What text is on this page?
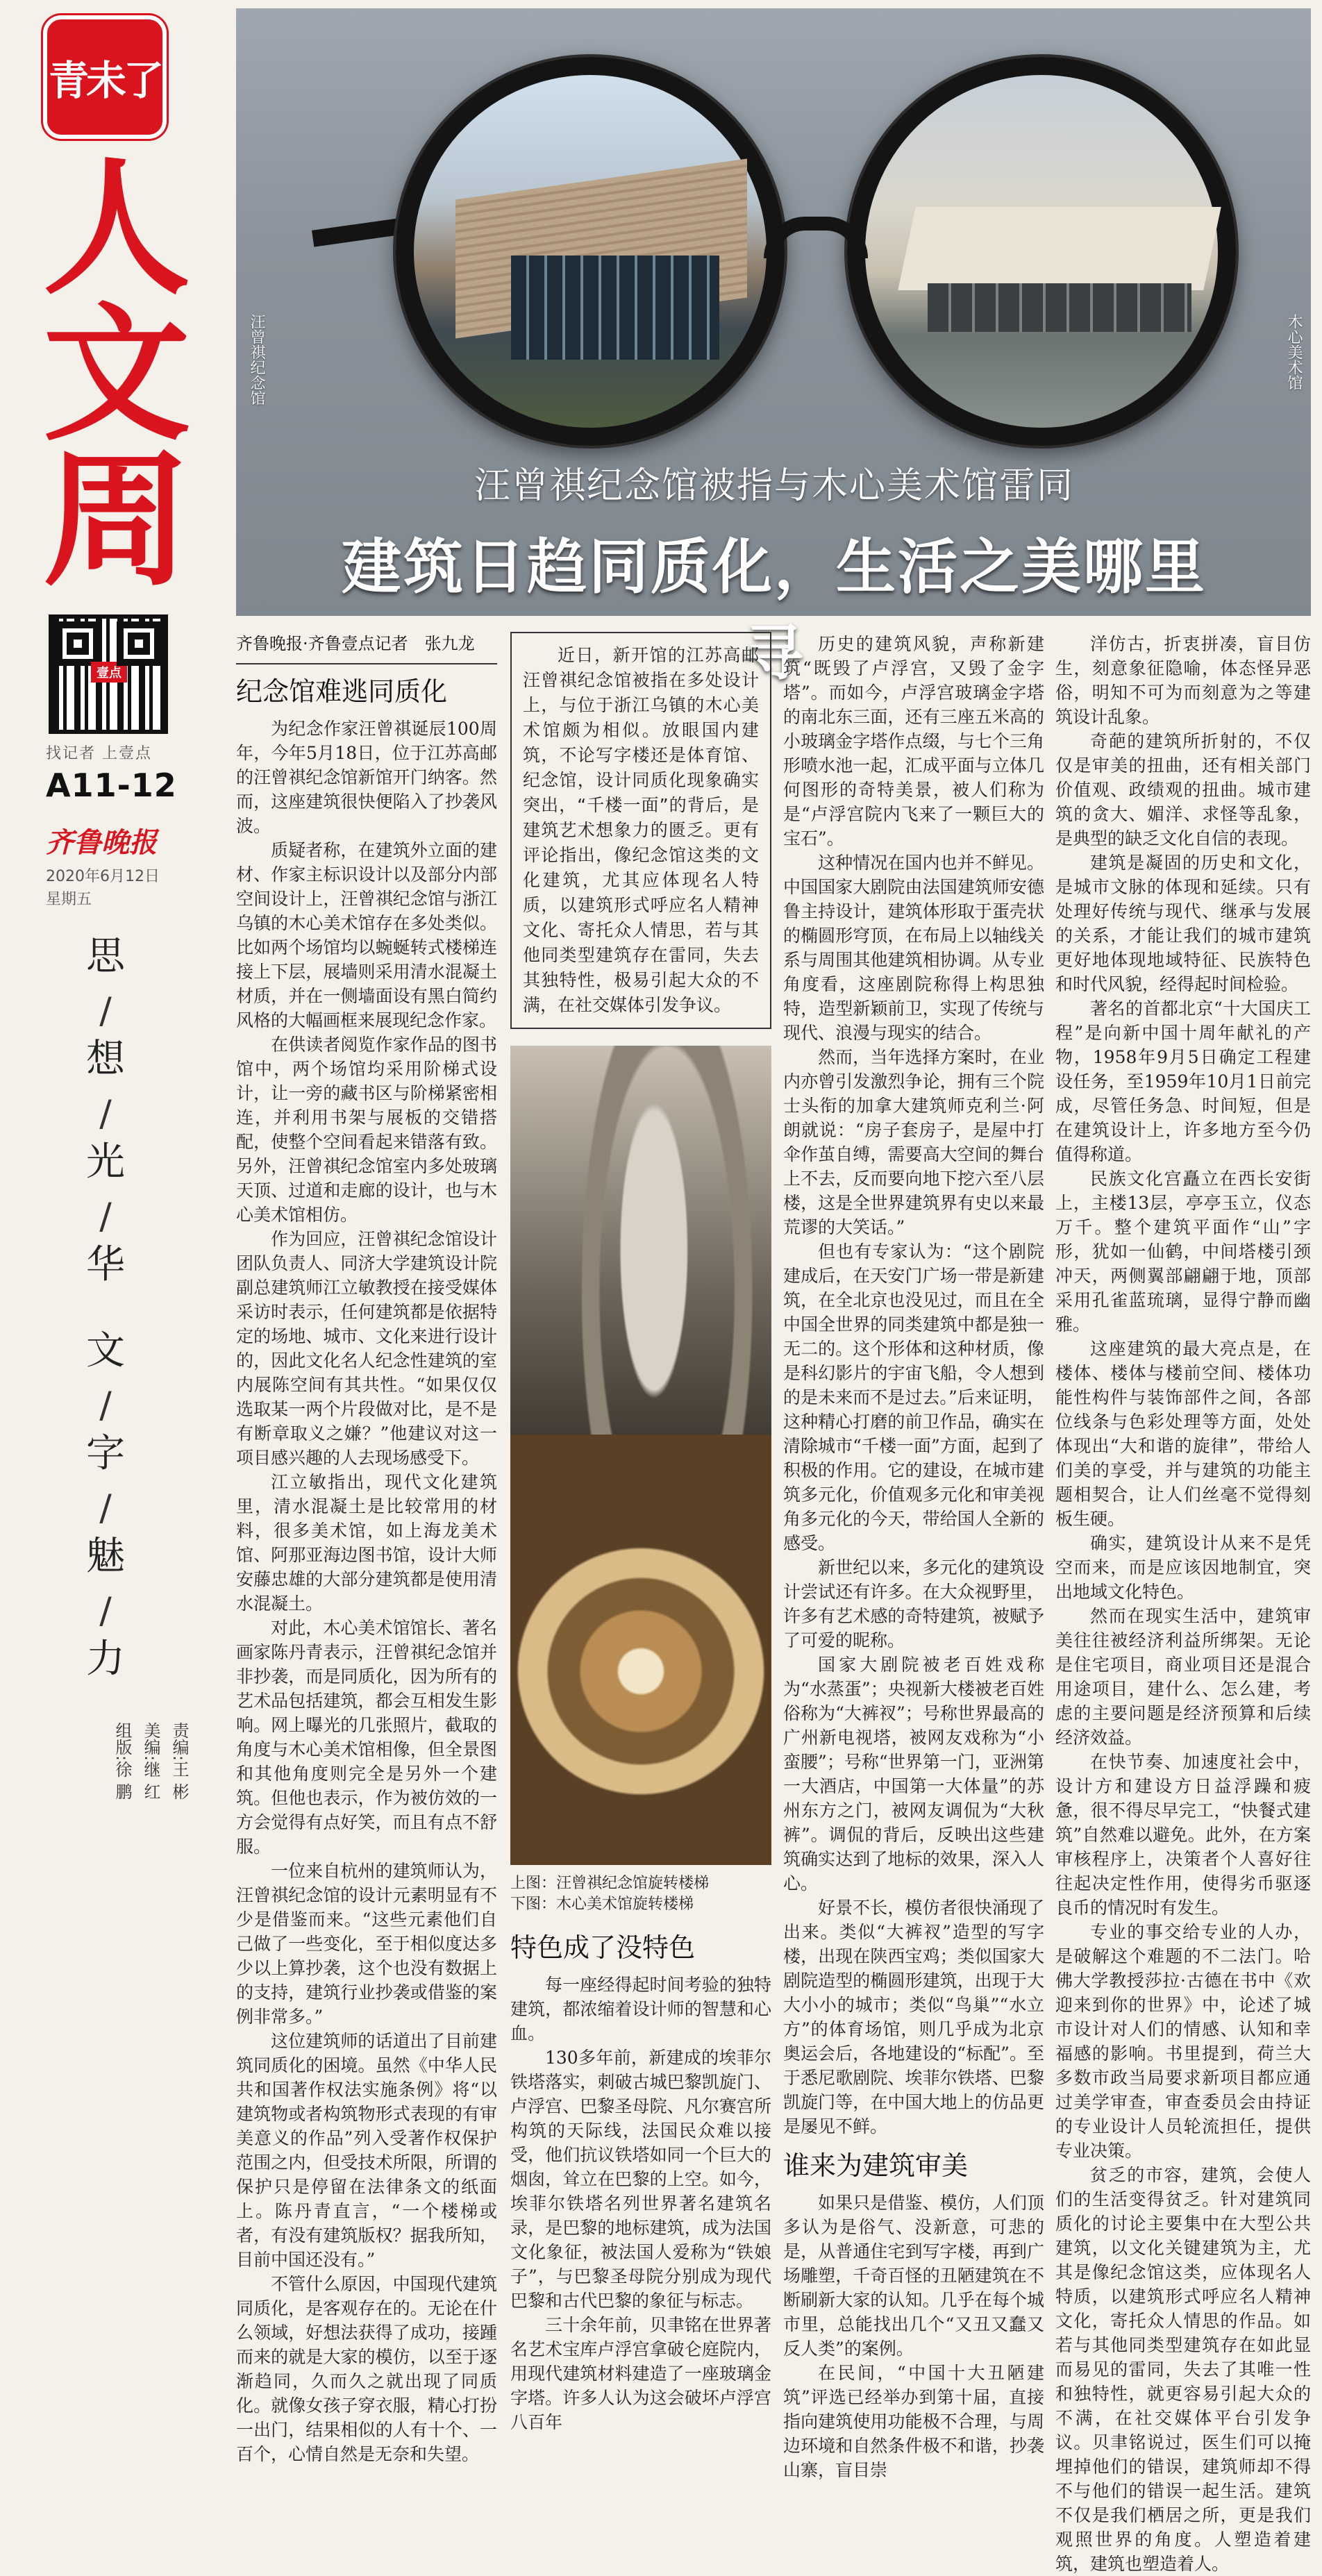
青未了
人
文
周
壹点
找记者 上壹点
A11-12
齐鲁晚报
2020年6月12日
星期五
思
/
想
/
光
/
华
文
/
字
/
魅
/
力
责编:王 彬
美编:继 红
组版:徐 鹏
汪曾祺纪念馆	木心美术馆
汪曾祺纪念馆被指与木心美术馆雷同
建筑日趋同质化，生活之美哪里寻
齐鲁晚报·齐鲁壹点记者　张九龙
纪念馆难逃同质化

为纪念作家汪曾祺诞辰100周年，今年5月18日，位于江苏高邮的汪曾祺纪念馆新馆开门纳客。然而，这座建筑很快便陷入了抄袭风波。

质疑者称，在建筑外立面的建材、作家主标识设计以及部分内部空间设计上，汪曾祺纪念馆与浙江乌镇的木心美术馆存在多处类似。比如两个场馆均以蜿蜒转式楼梯连接上下层，展墙则采用清水混凝土材质，并在一侧墙面设有黑白简约风格的大幅画框来展现纪念作家。

在供读者阅览作家作品的图书馆中，两个场馆均采用阶梯式设计，让一旁的藏书区与阶梯紧密相连，并利用书架与展板的交错搭配，使整个空间看起来错落有致。另外，汪曾祺纪念馆室内多处玻璃天顶、过道和走廊的设计，也与木心美术馆相仿。

作为回应，汪曾祺纪念馆设计团队负责人、同济大学建筑设计院副总建筑师江立敏教授在接受媒体采访时表示，任何建筑都是依据特定的场地、城市、文化来进行设计的，因此文化名人纪念性建筑的室内展陈空间有其共性。“如果仅仅选取某一两个片段做对比，是不是有断章取义之嫌？”他建议对这一项目感兴趣的人去现场感受下。

江立敏指出，现代文化建筑里，清水混凝土是比较常用的材料，很多美术馆，如上海龙美术馆、阿那亚海边图书馆，设计大师安藤忠雄的大部分建筑都是使用清水混凝土。

对此，木心美术馆馆长、著名画家陈丹青表示，汪曾祺纪念馆并非抄袭，而是同质化，因为所有的艺术品包括建筑，都会互相发生影响。网上曝光的几张照片，截取的角度与木心美术馆相像，但全景图和其他角度则完全是另外一个建筑。但他也表示，作为被仿效的一方会觉得有点好笑，而且有点不舒服。

一位来自杭州的建筑师认为，汪曾祺纪念馆的设计元素明显有不少是借鉴而来。“这些元素他们自己做了一些变化，至于相似度达多少以上算抄袭，这个也没有数据上的支持，建筑行业抄袭或借鉴的案例非常多。”

这位建筑师的话道出了目前建筑同质化的困境。虽然《中华人民共和国著作权法实施条例》将“以建筑物或者构筑物形式表现的有审美意义的作品”列入受著作权保护范围之内，但受技术所限，所谓的保护只是停留在法律条文的纸面上。陈丹青直言，“一个楼梯或者，有没有建筑版权？据我所知，目前中国还没有。”

不管什么原因，中国现代建筑同质化，是客观存在的。无论在什么领域，好想法获得了成功，接踵而来的就是大家的模仿，以至于逐渐趋同，久而久之就出现了同质化。就像女孩子穿衣服，精心打扮一出门，结果相似的人有十个、一百个，心情自然是无奈和失望。

近日，新开馆的江苏高邮汪曾祺纪念馆被指在多处设计上，与位于浙江乌镇的木心美术馆颇为相似。放眼国内建筑，不论写字楼还是体育馆、纪念馆，设计同质化现象确实突出，“千楼一面”的背后，是建筑艺术想象力的匮乏。更有评论指出，像纪念馆这类的文化建筑，尤其应体现名人特质，以建筑形式呼应名人精神文化、寄托众人情思，若与其他同类型建筑存在雷同，失去其独特性，极易引起大众的不满，在社交媒体引发争议。

上图：汪曾祺纪念馆旋转楼梯
下图：木心美术馆旋转楼梯
特色成了没特色

每一座经得起时间考验的独特建筑，都浓缩着设计师的智慧和心血。

130多年前，新建成的埃菲尔铁塔落实，刺破古城巴黎凯旋门、卢浮宫、巴黎圣母院、凡尔赛宫所构筑的天际线，法国民众难以接受，他们抗议铁塔如同一个巨大的烟囱，耸立在巴黎的上空。如今，埃菲尔铁塔名列世界著名建筑名录，是巴黎的地标建筑，成为法国文化象征，被法国人爱称为“铁娘子”，与巴黎圣母院分别成为现代巴黎和古代巴黎的象征与标志。

三十余年前，贝聿铭在世界著名艺术宝库卢浮宫拿破仑庭院内，用现代建筑材料建造了一座玻璃金字塔。许多人认为这会破坏卢浮宫八百年

历史的建筑风貌，声称新建筑“既毁了卢浮宫，又毁了金字塔”。而如今，卢浮宫玻璃金字塔的南北东三面，还有三座五米高的小玻璃金字塔作点缀，与七个三角形喷水池一起，汇成平面与立体几何图形的奇特美景，被人们称为是“卢浮宫院内飞来了一颗巨大的宝石”。

这种情况在国内也并不鲜见。中国国家大剧院由法国建筑师安德鲁主持设计，建筑体形取于蛋壳状的椭圆形穹顶，在布局上以轴线关系与周围其他建筑相协调。从专业角度看，这座剧院称得上构思独特，造型新颖前卫，实现了传统与现代、浪漫与现实的结合。

然而，当年选择方案时，在业内亦曾引发激烈争论，拥有三个院士头衔的加拿大建筑师克利兰·阿朗就说：“房子套房子，是屋中打伞作茧自缚，需要高大空间的舞台上不去，反而要向地下挖六至八层楼，这是全世界建筑界有史以来最荒谬的大笑话。”

但也有专家认为：“这个剧院建成后，在天安门广场一带是新建筑，在全北京也没见过，而且在全中国全世界的同类建筑中都是独一无二的。这个形体和这种材质，像是科幻影片的宇宙飞船，令人想到的是未来而不是过去。”后来证明，这种精心打磨的前卫作品，确实在清除城市“千楼一面”方面，起到了积极的作用。它的建设，在城市建筑多元化，价值观多元化和审美视角多元化的今天，带给国人全新的感受。

新世纪以来，多元化的建筑设计尝试还有许多。在大众视野里，许多有艺术感的奇特建筑，被赋予了可爱的昵称。

国家大剧院被老百姓戏称为“水蒸蛋”；央视新大楼被老百姓俗称为“大裤衩”；号称世界最高的广州新电视塔，被网友戏称为“小蛮腰”；号称“世界第一门，亚洲第一大酒店，中国第一大体量”的苏州东方之门，被网友调侃为“大秋裤”。调侃的背后，反映出这些建筑确实达到了地标的效果，深入人心。

好景不长，模仿者很快涌现了出来。类似“大裤衩”造型的写字楼，出现在陕西宝鸡；类似国家大剧院造型的椭圆形建筑，出现于大大小小的城市；类似“鸟巢”“水立方”的体育场馆，则几乎成为北京奥运会后，各地建设的“标配”。至于悉尼歌剧院、埃菲尔铁塔、巴黎凯旋门等，在中国大地上的仿品更是屡见不鲜。

谁来为建筑审美

如果只是借鉴、模仿，人们顶多认为是俗气、没新意，可悲的是，从普通住宅到写字楼，再到广场雕塑，千奇百怪的丑陋建筑在不断刷新大家的认知。几乎在每个城市里，总能找出几个“又丑又蠢又反人类”的案例。

在民间，“中国十大丑陋建筑”评选已经举办到第十届，直接指向建筑使用功能极不合理，与周边环境和自然条件极不和谐，抄袭山寨，盲目崇

洋仿古，折衷拼凑，盲目仿生，刻意象征隐喻，体态怪异恶俗，明知不可为而刻意为之等建筑设计乱象。

奇葩的建筑所折射的，不仅仅是审美的扭曲，还有相关部门价值观、政绩观的扭曲。城市建筑的贪大、媚洋、求怪等乱象，是典型的缺乏文化自信的表现。

建筑是凝固的历史和文化，是城市文脉的体现和延续。只有处理好传统与现代、继承与发展的关系，才能让我们的城市建筑更好地体现地域特征、民族特色和时代风貌，经得起时间检验。

著名的首都北京“十大国庆工程”是向新中国十周年献礼的产物，1958年9月5日确定工程建设任务，至1959年10月1日前完成，尽管任务急、时间短，但是在建筑设计上，许多地方至今仍值得称道。

民族文化宫矗立在西长安街上，主楼13层，亭亭玉立，仪态万千。整个建筑平面作“山”字形，犹如一仙鹤，中间塔楼引颈冲天，两侧翼部翩翩于地，顶部采用孔雀蓝琉璃，显得宁静而幽雅。

这座建筑的最大亮点是，在楼体、楼体与楼前空间、楼体功能性构件与装饰部件之间，各部位线条与色彩处理等方面，处处体现出“大和谐的旋律”，带给人们美的享受，并与建筑的功能主题相契合，让人们丝毫不觉得刻板生硬。

确实，建筑设计从来不是凭空而来，而是应该因地制宜，突出地域文化特色。

然而在现实生活中，建筑审美往往被经济利益所绑架。无论是住宅项目，商业项目还是混合用途项目，建什么、怎么建，考虑的主要问题是经济预算和后续经济效益。

在快节奏、加速度社会中，设计方和建设方日益浮躁和疲惫，很不得尽早完工，“快餐式建筑”自然难以避免。此外，在方案审核程序上，决策者个人喜好往往起决定性作用，使得劣币驱逐良币的情况时有发生。

专业的事交给专业的人办，是破解这个难题的不二法门。哈佛大学教授莎拉·古德在书中《欢迎来到你的世界》中，论述了城市设计对人们的情感、认知和幸福感的影响。书里提到，荷兰大多数市政当局要求新项目都应通过美学审查，审查委员会由持证的专业设计人员轮流担任，提供专业决策。

贫乏的市容，建筑，会使人们的生活变得贫乏。针对建筑同质化的讨论主要集中在大型公共建筑，以文化关键建筑为主，尤其是像纪念馆这类，应体现名人特质，以建筑形式呼应名人精神文化，寄托众人情思的作品。如若与其他同类型建筑存在如此显而易见的雷同，失去了其唯一性和独特性，就更容易引起大众的不满，在社交媒体平台引发争议。贝聿铭说过，医生们可以掩埋掉他们的错误，建筑师却不得不与他们的错误一起生活。建筑不仅是我们栖居之所，更是我们观照世界的角度。人塑造着建筑，建筑也塑造着人。
